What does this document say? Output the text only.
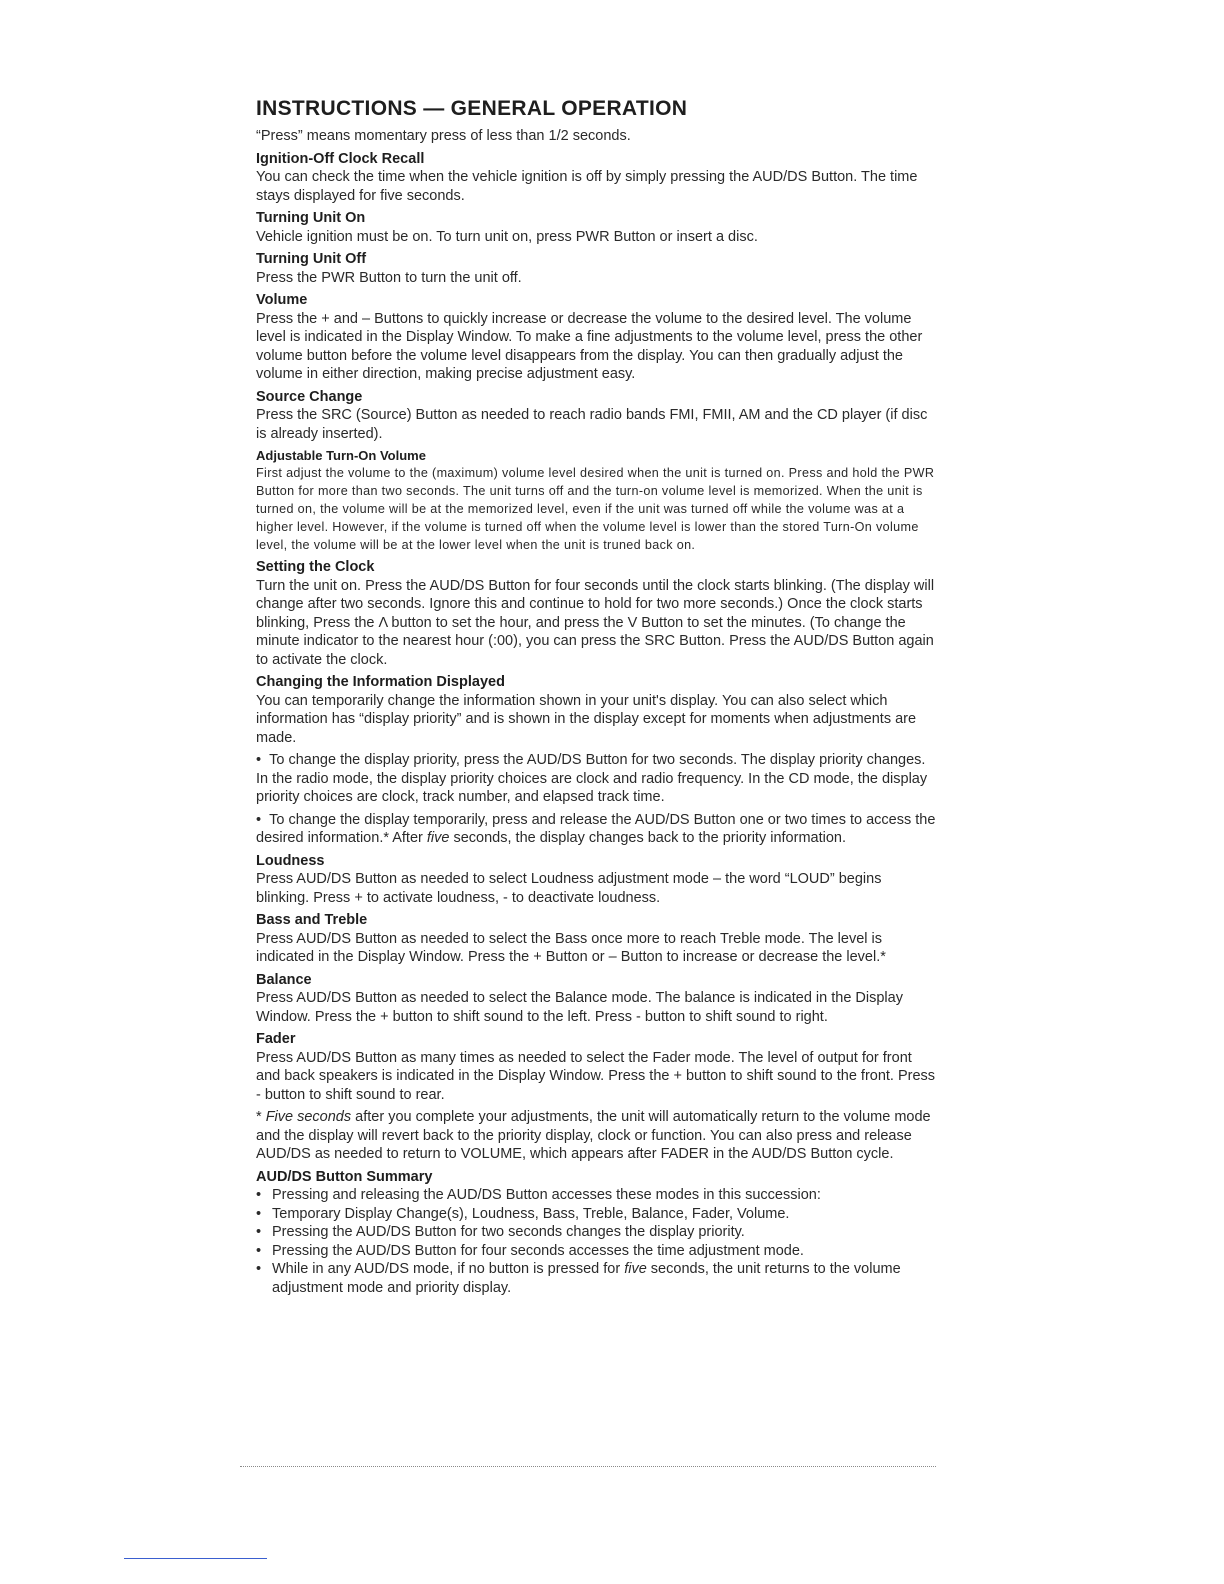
INSTRUCTIONS — GENERAL OPERATION

“Press” means momentary press of less than 1/2 seconds.

Ignition-Off Clock Recall

You can check the time when the vehicle ignition is off by simply pressing the AUD/DS Button. The time stays displayed for five seconds.

Turning Unit On

Vehicle ignition must be on. To turn unit on, press PWR Button or insert a disc.

Turning Unit Off

Press the PWR Button to turn the unit off.

Volume

Press the + and – Buttons to quickly increase or decrease the volume to the desired level. The volume level is indicated in the Display Window. To make a fine adjustments to the volume level, press the other volume button before the volume level disappears from the display. You can then gradually adjust the volume in either direction, making precise adjustment easy.

Source Change

Press the SRC (Source) Button as needed to reach radio bands FMI, FMII, AM and the CD player (if disc is already inserted).

Adjustable Turn-On Volume

First adjust the volume to the (maximum) volume level desired when the unit is turned on. Press and hold the PWR Button for more than two seconds. The unit turns off and the turn-on volume level is memorized. When the unit is turned on, the volume will be at the memorized level, even if the unit was turned off while the volume was at a higher level. However, if the volume is turned off when the volume level is lower than the stored Turn-On volume level, the volume will be at the lower level when the unit is truned back on.

Setting the Clock

Turn the unit on. Press the AUD/DS Button for four seconds until the clock starts blinking. (The display will change after two seconds. Ignore this and continue to hold for two more seconds.) Once the clock starts blinking, Press the Λ button to set the hour, and press the V Button to set the minutes. (To change the minute indicator to the nearest hour (:00), you can press the SRC Button. Press the AUD/DS Button again to activate the clock.

Changing the Information Displayed

You can temporarily change the information shown in your unit's display. You can also select which information has “display priority” and is shown in the display except for moments when adjustments are made.

•  To change the display priority, press the AUD/DS Button for two seconds. The display priority changes. In the radio mode, the display priority choices are clock and radio frequency. In the CD mode, the display priority choices are clock, track number, and elapsed track time.

•  To change the display temporarily, press and release the AUD/DS Button one or two times to access the desired information.* After five seconds, the display changes back to the priority information.

Loudness

Press AUD/DS Button as needed to select Loudness adjustment mode – the word “LOUD” begins blinking. Press + to activate loudness, - to deactivate loudness.

Bass and Treble

Press AUD/DS Button as needed to select the Bass once more to reach Treble mode. The level is indicated in the Display Window. Press the + Button or – Button to increase or decrease the level.*

Balance

Press AUD/DS Button as needed to select the Balance mode. The balance is indicated in the Display Window. Press the + button to shift sound to the left. Press - button to shift sound to right.

Fader

Press AUD/DS Button as many times as needed to select the Fader mode. The level of output for front and back speakers is indicated in the Display Window. Press the + button to shift sound to the front. Press - button to shift sound to rear.

* Five seconds after you complete your adjustments, the unit will automatically return to the volume mode and the display will revert back to the priority display, clock or function. You can also press and release AUD/DS as needed to return to VOLUME, which appears after FADER in the AUD/DS Button cycle.

AUD/DS Button Summary

• Pressing and releasing the AUD/DS Button accesses these modes in this succession:
• Temporary Display Change(s), Loudness, Bass, Treble, Balance, Fader, Volume.
• Pressing the AUD/DS Button for two seconds changes the display priority.
• Pressing the AUD/DS Button for four seconds accesses the time adjustment mode.
• While in any AUD/DS mode, if no button is pressed for five seconds, the unit returns to the volume adjustment mode and priority display.
